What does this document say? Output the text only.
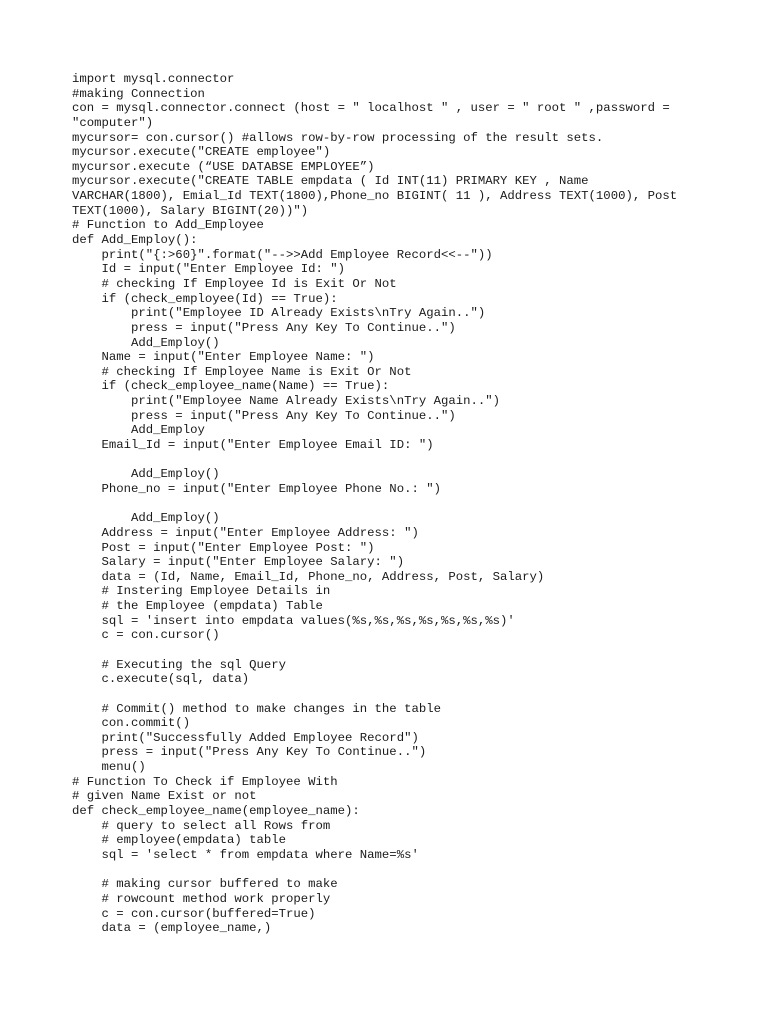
import mysql.connector
#making Connection
con = mysql.connector.connect (host = " localhost " , user = " root " ,password =
"computer")
mycursor= con.cursor() #allows row-by-row processing of the result sets.
mycursor.execute("CREATE employee")
mycursor.execute (“USE DATABSE EMPLOYEE”)
mycursor.execute("CREATE TABLE empdata ( Id INT(11) PRIMARY KEY , Name
VARCHAR(1800), Emial_Id TEXT(1800),Phone_no BIGINT( 11 ), Address TEXT(1000), Post
TEXT(1000), Salary BIGINT(20))")
# Function to Add_Employee
def Add_Employ():
print("{:>60}".format("-->>Add Employee Record<<--"))
Id = input("Enter Employee Id: ")
# checking If Employee Id is Exit Or Not
if (check_employee(Id) == True):
print("Employee ID Already Exists\nTry Again..")
press = input("Press Any Key To Continue..")
Add_Employ()
Name = input("Enter Employee Name: ")
# checking If Employee Name is Exit Or Not
if (check_employee_name(Name) == True):
print("Employee Name Already Exists\nTry Again..")
press = input("Press Any Key To Continue..")
Add_Employ
Email_Id = input("Enter Employee Email ID: ")
Add_Employ()
Phone_no = input("Enter Employee Phone No.: ")
Add_Employ()
Address = input("Enter Employee Address: ")
Post = input("Enter Employee Post: ")
Salary = input("Enter Employee Salary: ")
data = (Id, Name, Email_Id, Phone_no, Address, Post, Salary)
# Instering Employee Details in
# the Employee (empdata) Table
sql = 'insert into empdata values(%s,%s,%s,%s,%s,%s,%s)'
c = con.cursor()
# Executing the sql Query
c.execute(sql, data)
# Commit() method to make changes in the table
con.commit()
print("Successfully Added Employee Record")
press = input("Press Any Key To Continue..")
menu()
# Function To Check if Employee With
# given Name Exist or not
def check_employee_name(employee_name):
# query to select all Rows from
# employee(empdata) table
sql = 'select * from empdata where Name=%s'
# making cursor buffered to make
# rowcount method work properly
c = con.cursor(buffered=True)
data = (employee_name,)
